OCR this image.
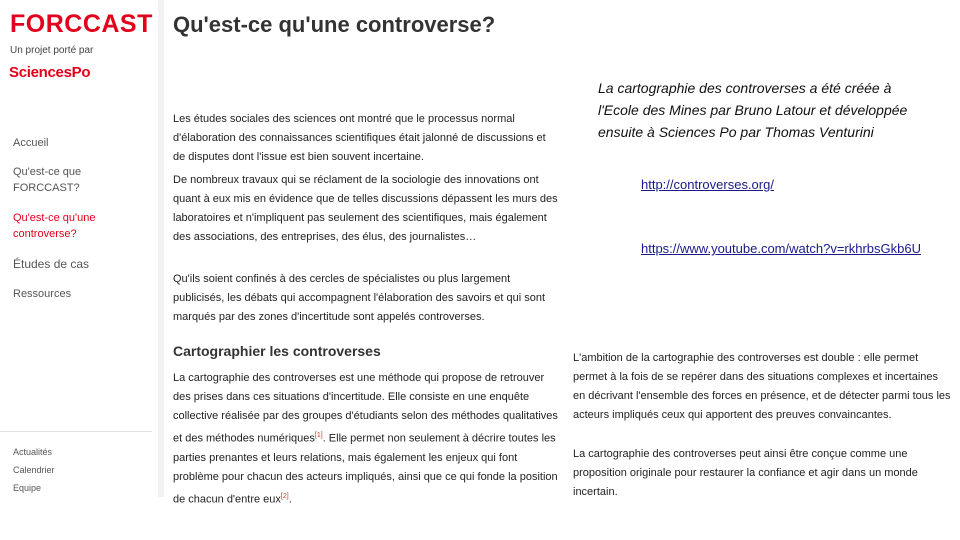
FORCCAST
Un projet porté par
SciencesPo
Accueil
Qu'est-ce que FORCCAST?
Qu'est-ce qu'une controverse?
Études de cas
Ressources
Actualités
Calendrier
Equipe
Qu'est-ce qu'une controverse?
Les études sociales des sciences ont montré que le processus normal d'élaboration des connaissances scientifiques était jalonné de discussions et de disputes dont l'issue est bien souvent incertaine.
De nombreux travaux qui se réclament de la sociologie des innovations ont quant à eux mis en évidence que de telles discussions dépassent les murs des laboratoires et n'impliquent pas seulement des scientifiques, mais également des associations, des entreprises, des élus, des journalistes…
Qu'ils soient confinés à des cercles de spécialistes ou plus largement publicisés, les débats qui accompagnent l'élaboration des savoirs et qui sont marqués par des zones d'incertitude sont appelés controverses.
Cartographier les controverses
La cartographie des controverses est une méthode qui propose de retrouver des prises dans ces situations d'incertitude. Elle consiste en une enquête collective réalisée par des groupes d'étudiants selon des méthodes qualitatives et des méthodes numériques[1]. Elle permet non seulement à décrire toutes les parties prenantes et leurs relations, mais également les enjeux qui font problème pour chacun des acteurs impliqués, ainsi que ce qui fonde la position de chacun d'entre eux[2].
La cartographie des controverses a été créée à l'Ecole des Mines par Bruno Latour et développée ensuite à Sciences Po par Thomas Venturini
http://controverses.org/
https://www.youtube.com/watch?v=rkhrbsGkb6U
L'ambition de la cartographie des controverses est double : elle permet permet à la fois de se repérer dans des situations complexes et incertaines en décrivant l'ensemble des forces en présence, et de détecter parmi tous les acteurs impliqués ceux qui apportent des preuves convaincantes.
La cartographie des controverses peut ainsi être conçue comme une proposition originale pour restaurer la confiance et agir dans un monde incertain.
